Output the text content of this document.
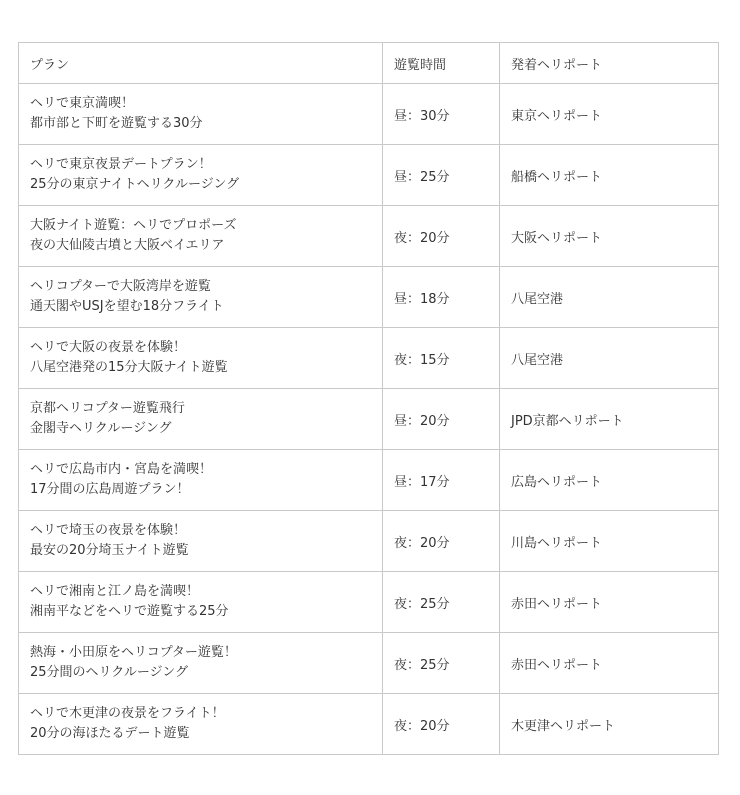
プラン	遊覧時間	発着ヘリポート

ヘリで東京満喫！
都市部と下町を遊覧する30分	昼：30分	東京ヘリポート

ヘリで東京夜景デートプラン！
25分の東京ナイトヘリクルージング	昼：25分	船橋ヘリポート

大阪ナイト遊覧：ヘリでプロポーズ
夜の大仙陵古墳と大阪ベイエリア	夜：20分	大阪ヘリポート

ヘリコプターで大阪湾岸を遊覧
通天閣やUSJを望む18分フライト	昼：18分	八尾空港

ヘリで大阪の夜景を体験！
八尾空港発の15分大阪ナイト遊覧	夜：15分	八尾空港

京都ヘリコプター遊覧飛行
金閣寺ヘリクルージング	昼：20分	JPD京都ヘリポート

ヘリで広島市内・宮島を満喫！
17分間の広島周遊プラン！	昼：17分	広島ヘリポート

ヘリで埼玉の夜景を体験！
最安の20分埼玉ナイト遊覧	夜：20分	川島ヘリポート

ヘリで湘南と江ノ島を満喫！
湘南平などをヘリで遊覧する25分	夜：25分	赤田ヘリポート

熱海・小田原をヘリコプター遊覧！
25分間のヘリクルージング	夜：25分	赤田ヘリポート

ヘリで木更津の夜景をフライト！
20分の海ほたるデート遊覧	夜：20分	木更津ヘリポート
